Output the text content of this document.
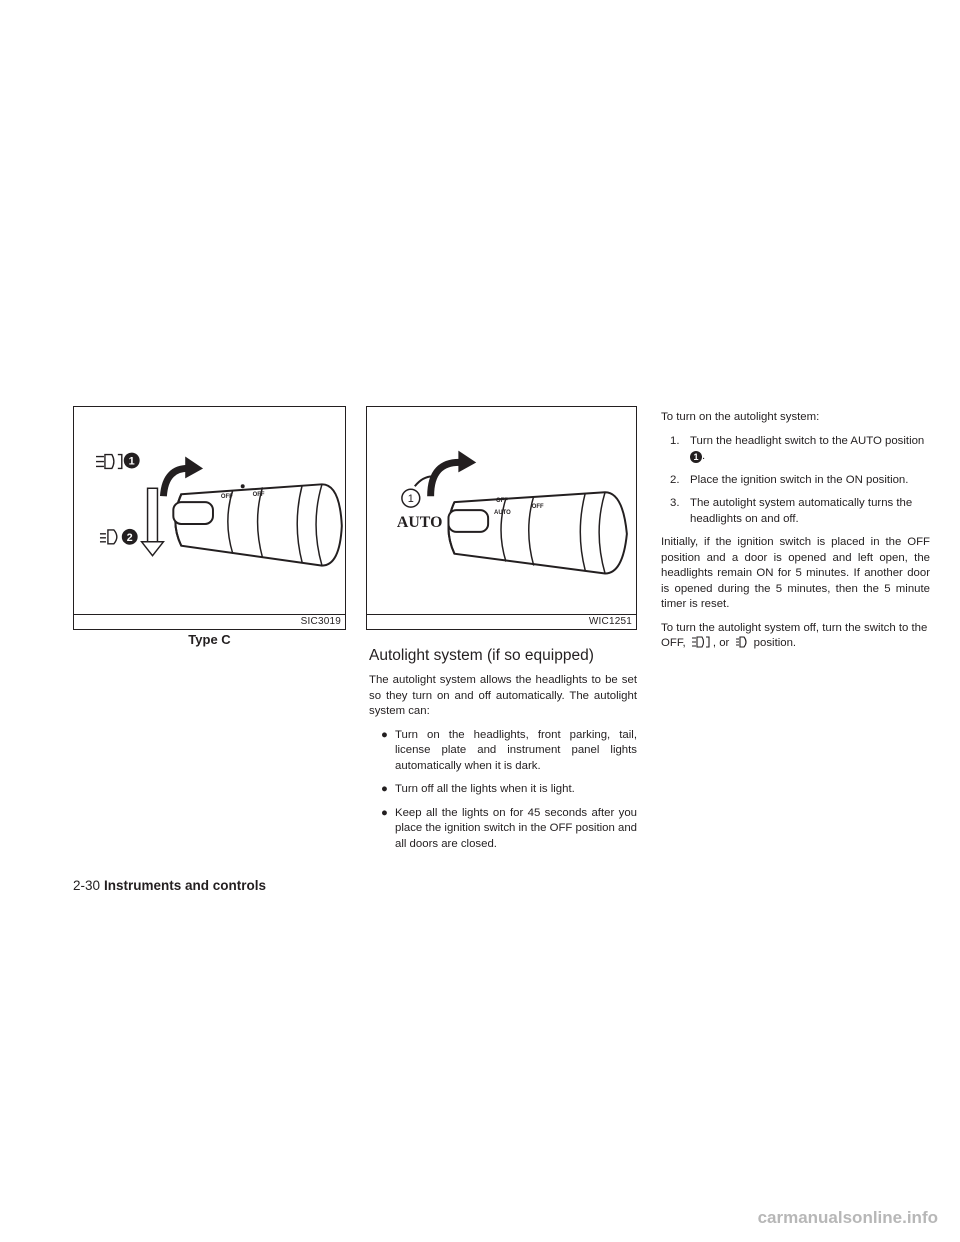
OFF	OFF
1
2
SIC3019
Type C
OFF
AUTO
OFF
1
AUTO
WIC1251
Autolight system (if so equipped)

The autolight system allows the headlights to be set so they turn on and off automatically. The autolight system can:

● Turn on the headlights, front parking, tail, license plate and instrument panel lights automatically when it is dark.
● Turn off all the lights when it is light.
● Keep all the lights on for 45 seconds after you place the ignition switch in the OFF position and all doors are closed.

To turn on the autolight system:

1. Turn the headlight switch to the AUTO position 1 .
2. Place the ignition switch in the ON position.
3. The autolight system automatically turns the headlights on and off.

Initially, if the ignition switch is placed in the OFF position and a door is opened and left open, the headlights remain ON for 5 minutes. If another door is opened during the 5 minutes, then the 5 minute timer is reset.

To turn the autolight system off, turn the switch to the OFF, , or position.

2-30 Instruments and controls
carmanualsonline.info
